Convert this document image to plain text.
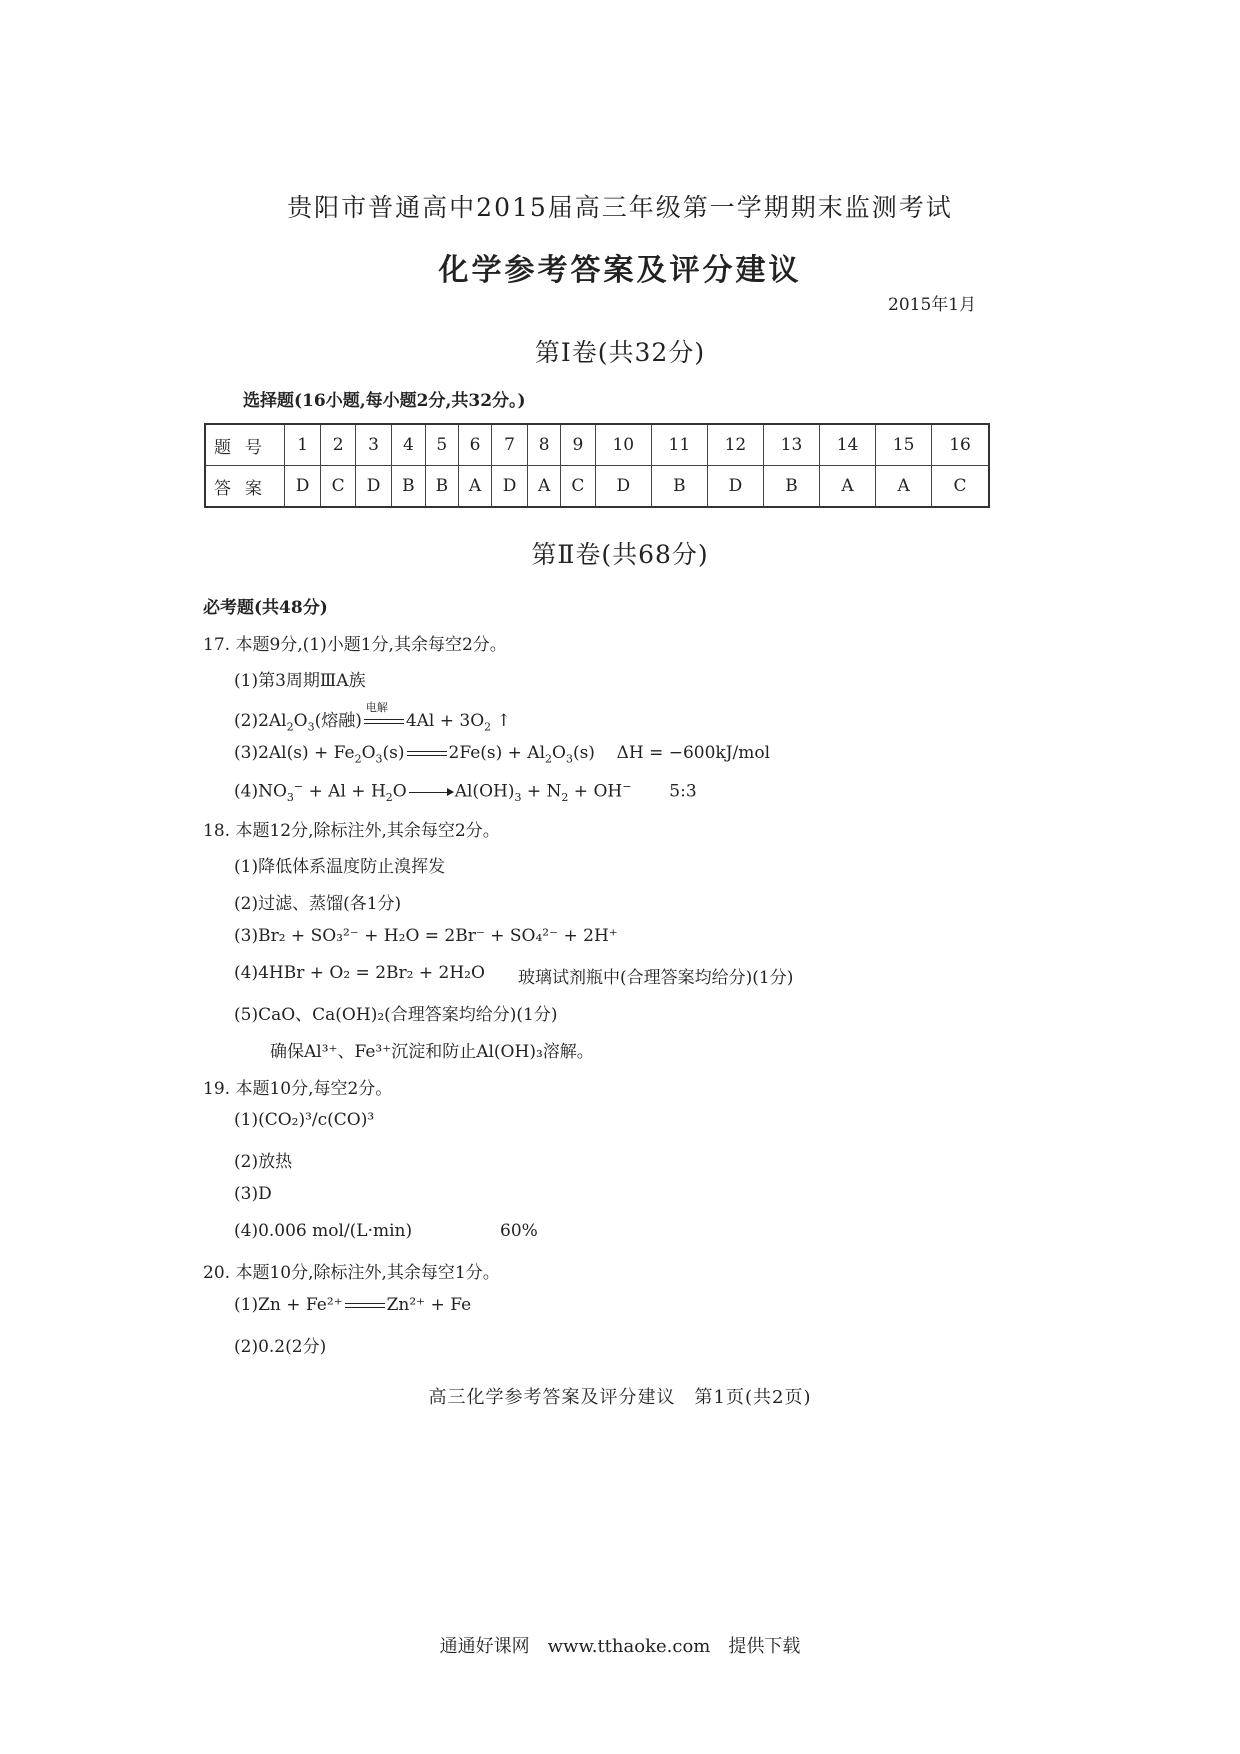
贵阳市普通高中2015届高三年级第一学期期末监测考试
化学参考答案及评分建议
2015年1月
第Ⅰ卷(共32分)
选择题(16小题,每小题2分,共32分。)
题号	1	2	3	4	5	6	7	8	9	10	11	12	13	14	15	16
答案	D	C	D	B	B	A	D	A	C	D	B	D	B	A	A	C
第Ⅱ卷(共68分)
必考题(共48分)
17. 本题9分,(1)小题1分,其余每空2分。
(1)第3周期ⅢA族
$(2)2Al_2O_3$(熔融)
电解
$4Al + 3O_2$ ↑
$(3)2Al(s) + Fe_2O_3(s)$	$2Fe(s) + Al_2O_3(s) \Delta H = -600kJ/mol$
$(4)NO_3^- + Al + H_2O \to Al(OH)_3 + N_2 + OH^-$ 5:3
18. 本题12分,除标注外,其余每空2分。
(1)降低体系温度防止溴挥发
(2)过滤、蒸馏(各1分)
(3)Br₂ + SO₃²⁻ + H₂O = 2Br⁻ + SO₄²⁻ + 2H⁺
(4)4HBr + O₂ = 2Br₂ + 2H₂O 玻璃试剂瓶中(合理答案均给分)(1分)
(5)CaO、Ca(OH)₂(合理答案均给分)(1分)
确保Al³⁺、Fe³⁺沉淀和防止Al(OH)₃溶解。
19. 本题10分,每空2分。
(1)(CO₂)³/c(CO)³
(2)放热
(3)D
(4)0.006 mol/(L·min)	60%
20. 本题10分,除标注外,其余每空1分。
(1)Zn + Fe²⁺	Zn²⁺ + Fe
(2)0.2(2分)
高三化学参考答案及评分建议　第1页(共2页)
通通好课网　www.tthaoke.com　提供下载
